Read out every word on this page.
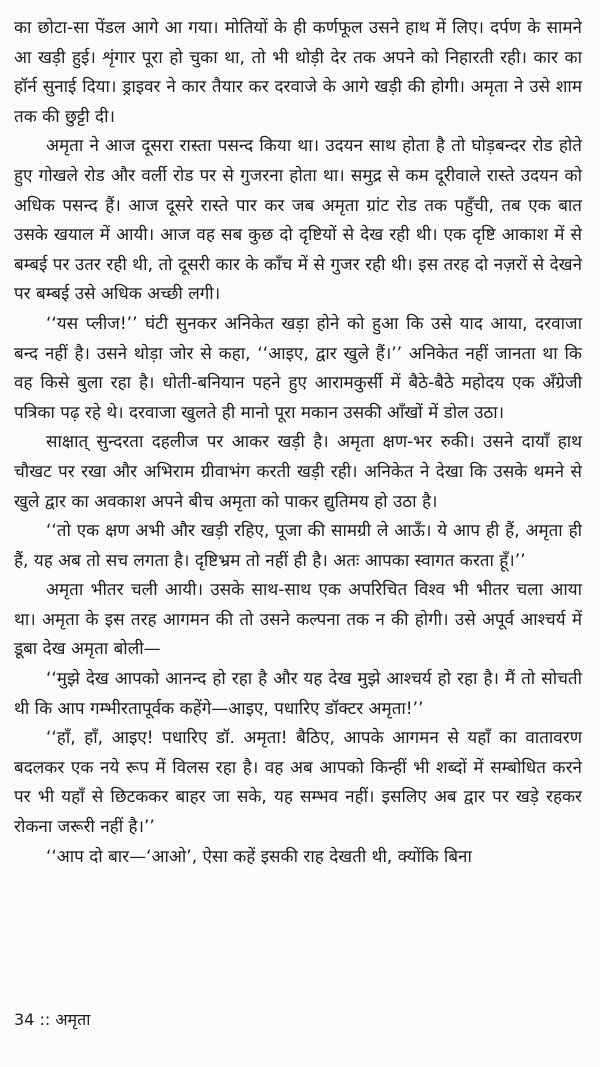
का छोटा-सा पेंडल आगे आ गया। मोतियों के ही कर्णफूल उसने हाथ में लिए। दर्पण के सामने आ खड़ी हुई। शृंगार पूरा हो चुका था, तो भी थोड़ी देर तक अपने को निहारती रही। कार का हॉर्न सुनाई दिया। ड्राइवर ने कार तैयार कर दरवाजे के आगे खड़ी की होगी। अमृता ने उसे शाम तक की छुट्टी दी।

अमृता ने आज दूसरा रास्ता पसन्द किया था। उदयन साथ होता है तो घोड़बन्दर रोड होते हुए गोखले रोड और वर्ली रोड पर से गुजरना होता था। समुद्र से कम दूरीवाले रास्ते उदयन को अधिक पसन्द हैं। आज दूसरे रास्ते पार कर जब अमृता ग्रांट रोड तक पहुँची, तब एक बात उसके खयाल में आयी। आज वह सब कुछ दो दृष्टियों से देख रही थी। एक दृष्टि आकाश में से बम्बई पर उतर रही थी, तो दूसरी कार के काँच में से गुजर रही थी। इस तरह दो नज़रों से देखने पर बम्बई उसे अधिक अच्छी लगी।

‘‘यस प्लीज!’’ घंटी सुनकर अनिकेत खड़ा होने को हुआ कि उसे याद आया, दरवाजा बन्द नहीं है। उसने थोड़ा जोर से कहा, ‘‘आइए, द्वार खुले हैं।’’ अनिकेत नहीं जानता था कि वह किसे बुला रहा है। धोती-बनियान पहने हुए आरामकुर्सी में बैठे-बैठे महोदय एक अँग्रेजी पत्रिका पढ़ रहे थे। दरवाजा खुलते ही मानो पूरा मकान उसकी आँखों में डोल उठा।

साक्षात् सुन्दरता दहलीज पर आकर खड़ी है। अमृता क्षण-भर रुकी। उसने दायाँ हाथ चौखट पर रखा और अभिराम ग्रीवाभंग करती खड़ी रही। अनिकेत ने देखा कि उसके थमने से खुले द्वार का अवकाश अपने बीच अमृता को पाकर द्युतिमय हो उठा है।

‘‘तो एक क्षण अभी और खड़ी रहिए, पूजा की सामग्री ले आऊँ। ये आप ही हैं, अमृता ही हैं, यह अब तो सच लगता है। दृष्टिभ्रम तो नहीं ही है। अतः आपका स्वागत करता हूँ।’’

अमृता भीतर चली आयी। उसके साथ-साथ एक अपरिचित विश्व भी भीतर चला आया था। अमृता के इस तरह आगमन की तो उसने कल्पना तक न की होगी। उसे अपूर्व आश्चर्य में डूबा देख अमृता बोली—

‘‘मुझे देख आपको आनन्द हो रहा है और यह देख मुझे आश्चर्य हो रहा है। मैं तो सोचती थी कि आप गम्भीरतापूर्वक कहेंगे—आइए, पधारिए डॉक्टर अमृता!’’

‘‘हाँ, हाँ, आइए! पधारिए डॉ. अमृता! बैठिए, आपके आगमन से यहाँ का वातावरण बदलकर एक नये रूप में विलस रहा है। वह अब आपको किन्हीं भी शब्दों में सम्बोधित करने पर भी यहाँ से छिटककर बाहर जा सके, यह सम्भव नहीं। इसलिए अब द्वार पर खड़े रहकर रोकना जरूरी नहीं है।’’

‘‘आप दो बार—‘आओ’, ऐसा कहें इसकी राह देखती थी, क्योंकि बिना

34 :: अमृता
